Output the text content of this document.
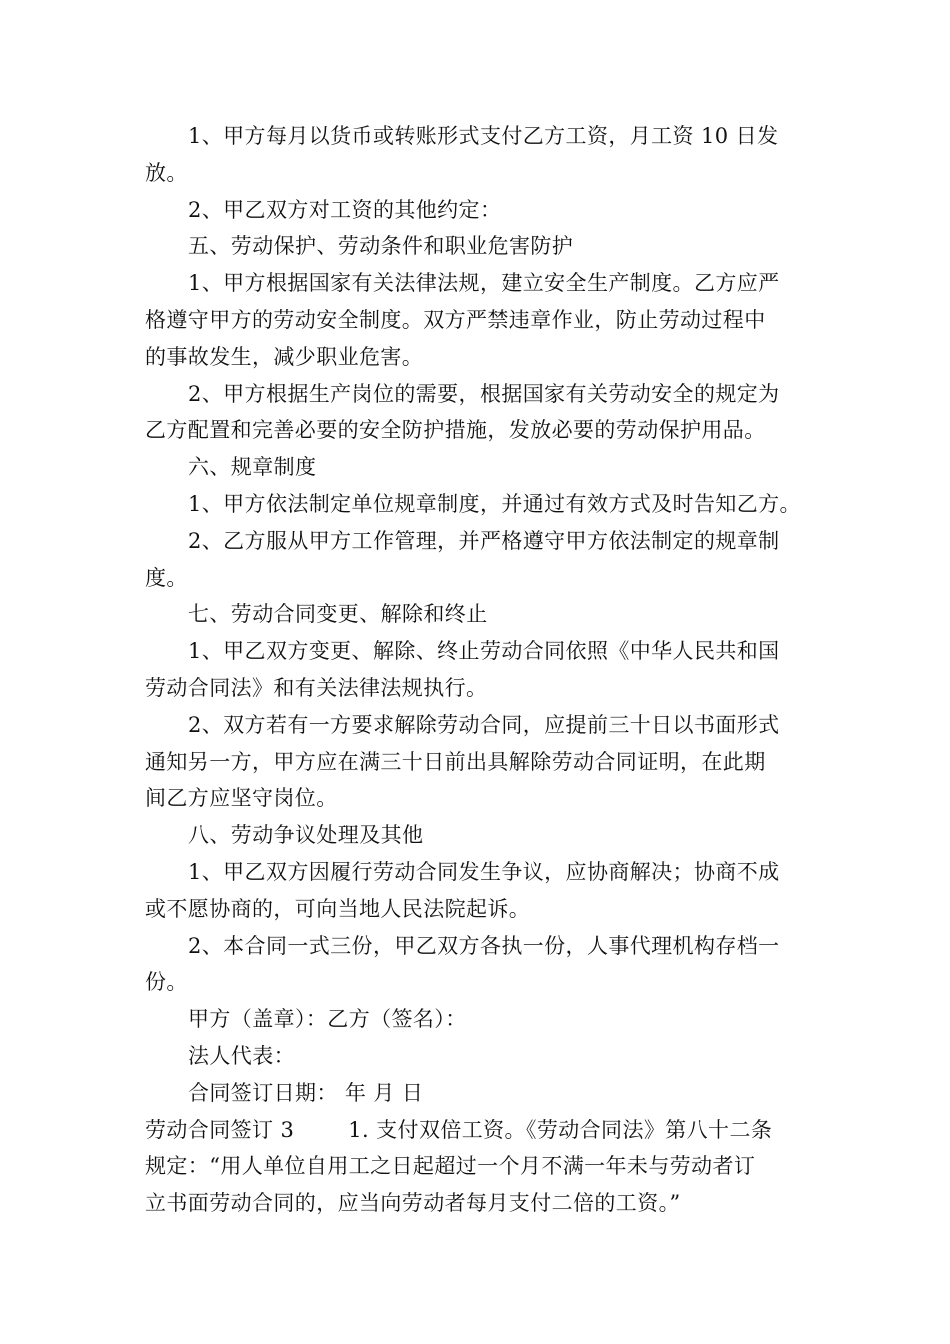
1、甲方每月以货币或转账形式支付乙方工资，月工资 10 日发
放。
2、甲乙双方对工资的其他约定：
五、劳动保护、劳动条件和职业危害防护
1、甲方根据国家有关法律法规，建立安全生产制度。乙方应严
格遵守甲方的劳动安全制度。双方严禁违章作业，防止劳动过程中
的事故发生，减少职业危害。
2、甲方根据生产岗位的需要，根据国家有关劳动安全的规定为
乙方配置和完善必要的安全防护措施，发放必要的劳动保护用品。
六、规章制度
1、甲方依法制定单位规章制度，并通过有效方式及时告知乙方。
2、乙方服从甲方工作管理，并严格遵守甲方依法制定的规章制
度。
七、劳动合同变更、解除和终止
1、甲乙双方变更、解除、终止劳动合同依照《中华人民共和国
劳动合同法》和有关法律法规执行。
2、双方若有一方要求解除劳动合同，应提前三十日以书面形式
通知另一方，甲方应在满三十日前出具解除劳动合同证明，在此期
间乙方应坚守岗位。
八、劳动争议处理及其他
1、甲乙双方因履行劳动合同发生争议，应协商解决；协商不成
或不愿协商的，可向当地人民法院起诉。
2、本合同一式三份，甲乙双方各执一份，人事代理机构存档一
份。
甲方（盖章）：乙方（签名）：
法人代表：
合同签订日期： 年 月 日
劳动合同签订 3	1. 支付双倍工资。《劳动合同法》第八十二条
规定：“用人单位自用工之日起超过一个月不满一年未与劳动者订
立书面劳动合同的，应当向劳动者每月支付二倍的工资。”
